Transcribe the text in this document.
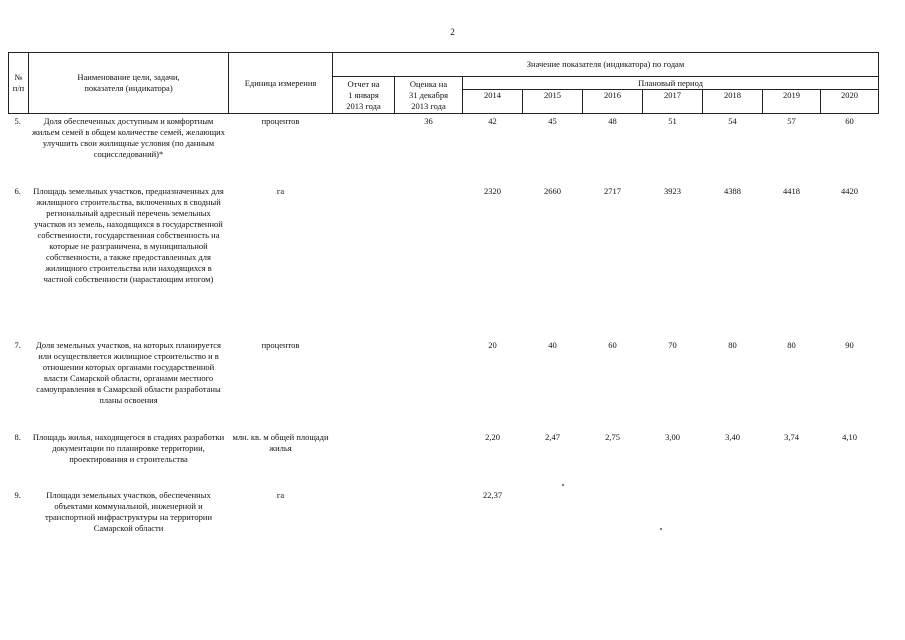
2
№
п/п	Наименование цели, задачи,
показателя (индикатора)	Единица измерения	Значение показателя (индикатора) по годам								
			Отчет на
1 января
2013 года	Оценка на
31 декабря
2013 года	Плановый период						
					2014	2015	2016	2017	2018	2019	2020
5.	Доля обеспеченных доступным и комфортным жильем семей в общем количестве семей, желающих улучшить свои жилищные условия (по данным социсследований)*	процентов		36	42	45	48	51	54	57	60
6.	Площадь земельных участков, предназначенных для жилищного строительства, включенных в сводный региональный адресный перечень земельных участков из земель, находящихся в государственной собственности, государственная собственность на которые не разграничена, в муниципальной собственности, а также предоставленных для жилищного строительства или находящихся в частной собственности (нарастающим итогом)	га			2320	2660	2717	3923	4388	4418	4420
7.	Доля земельных участков, на которых планируется или осуществляется жилищное строительство и в отношении которых органами государственной власти Самарской области, органами местного самоуправления в Самарской области разработаны планы освоения	процентов			20	40	60	70	80	80	90
8.	Площадь жилья, находящегося в стадиях разработки документации по планировке территории, проектирования и строительства	млн. кв. м общей площади жилья			2,20	2,47	2,75	3,00	3,40	3,74	4,10
9.	Площади земельных участков, обеспеченных объектами коммунальной, инженерной и транспортной инфраструктуры на территории Самарской области	га			22,37						
